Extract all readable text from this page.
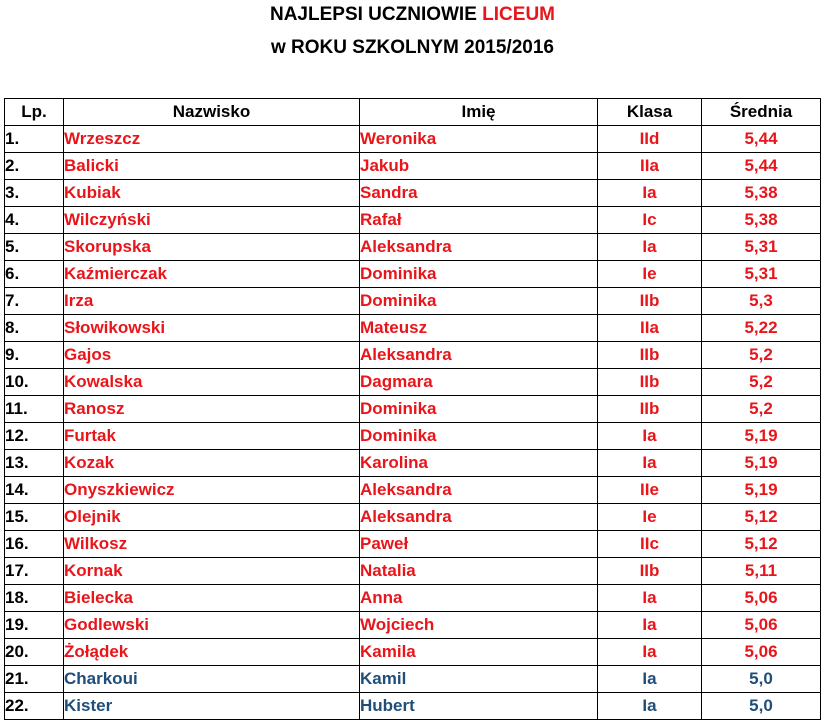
NAJLEPSI UCZNIOWIE LICEUM
w ROKU SZKOLNYM 2015/2016
Lp.	Nazwisko	Imię	Klasa	Średnia
1.	Wrzeszcz	Weronika	IId	5,44
2.	Balicki	Jakub	IIa	5,44
3.	Kubiak	Sandra	Ia	5,38
4.	Wilczyński	Rafał	Ic	5,38
5.	Skorupska	Aleksandra	Ia	5,31
6.	Kaźmierczak	Dominika	Ie	5,31
7.	Irza	Dominika	IIb	5,3
8.	Słowikowski	Mateusz	IIa	5,22
9.	Gajos	Aleksandra	IIb	5,2
10.	Kowalska	Dagmara	IIb	5,2
11.	Ranosz	Dominika	IIb	5,2
12.	Furtak	Dominika	Ia	5,19
13.	Kozak	Karolina	Ia	5,19
14.	Onyszkiewicz	Aleksandra	IIe	5,19
15.	Olejnik	Aleksandra	Ie	5,12
16.	Wilkosz	Paweł	IIc	5,12
17.	Kornak	Natalia	IIb	5,11
18.	Bielecka	Anna	Ia	5,06
19.	Godlewski	Wojciech	Ia	5,06
20.	Żołądek	Kamila	Ia	5,06
21.	Charkoui	Kamil	Ia	5,0
22.	Kister	Hubert	Ia	5,0
